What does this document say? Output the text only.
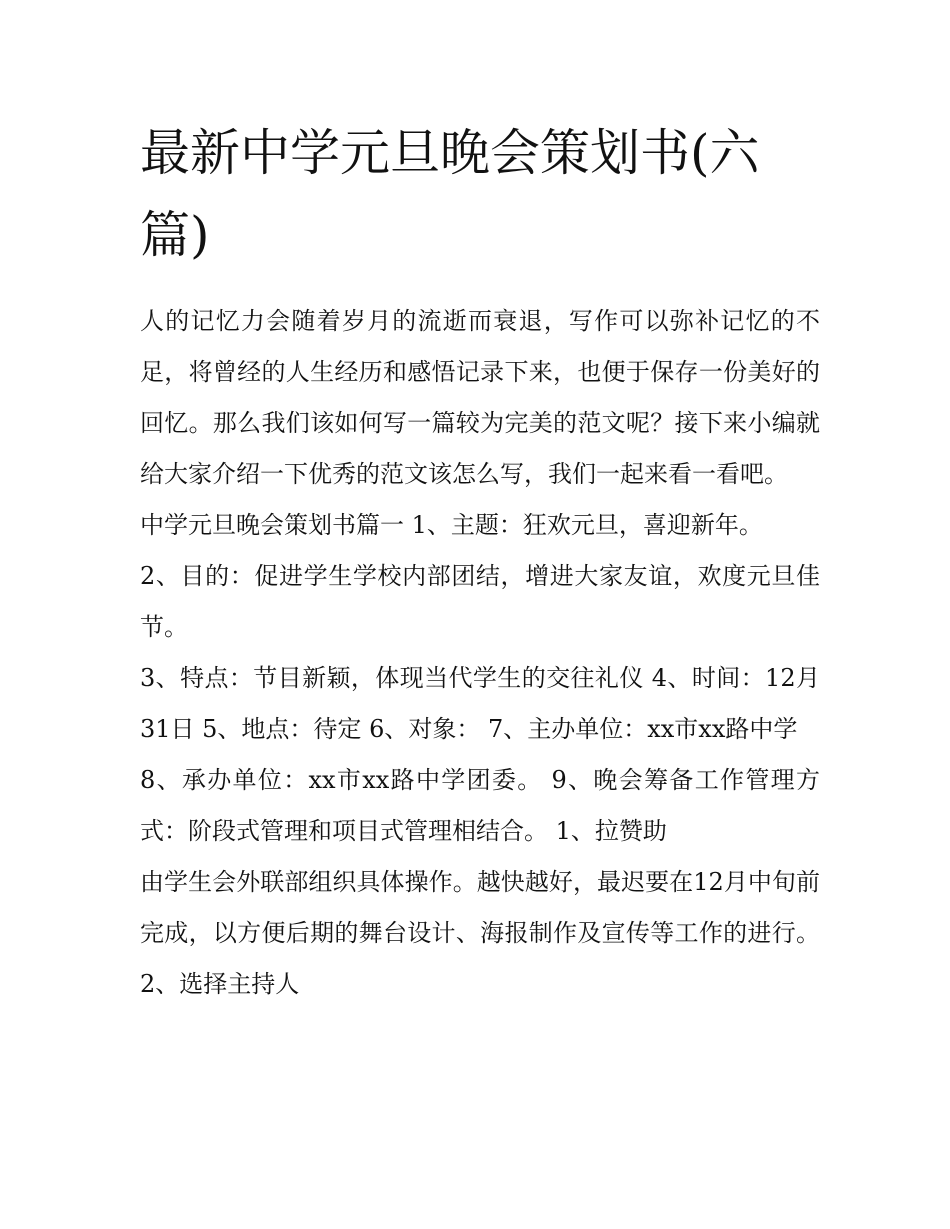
最新中学元旦晚会策划书(六篇)

人的记忆力会随着岁月的流逝而衰退，写作可以弥补记忆的不足，将曾经的人生经历和感悟记录下来，也便于保存一份美好的回忆。那么我们该如何写一篇较为完美的范文呢？接下来小编就给大家介绍一下优秀的范文该怎么写，我们一起来看一看吧。

中学元旦晚会策划书篇一 1、主题：狂欢元旦，喜迎新年。

2、目的：促进学生学校内部团结，增进大家友谊，欢度元旦佳节。

3、特点：节目新颖，体现当代学生的交往礼仪 4、时间：12月31日 5、地点：待定 6、对象： 7、主办单位：xx市xx路中学

8、承办单位：xx市xx路中学团委。 9、晚会筹备工作管理方式：阶段式管理和项目式管理相结合。 1、拉赞助

由学生会外联部组织具体操作。越快越好，最迟要在12月中旬前完成，以方便后期的舞台设计、海报制作及宣传等工作的进行。 2、选择主持人
